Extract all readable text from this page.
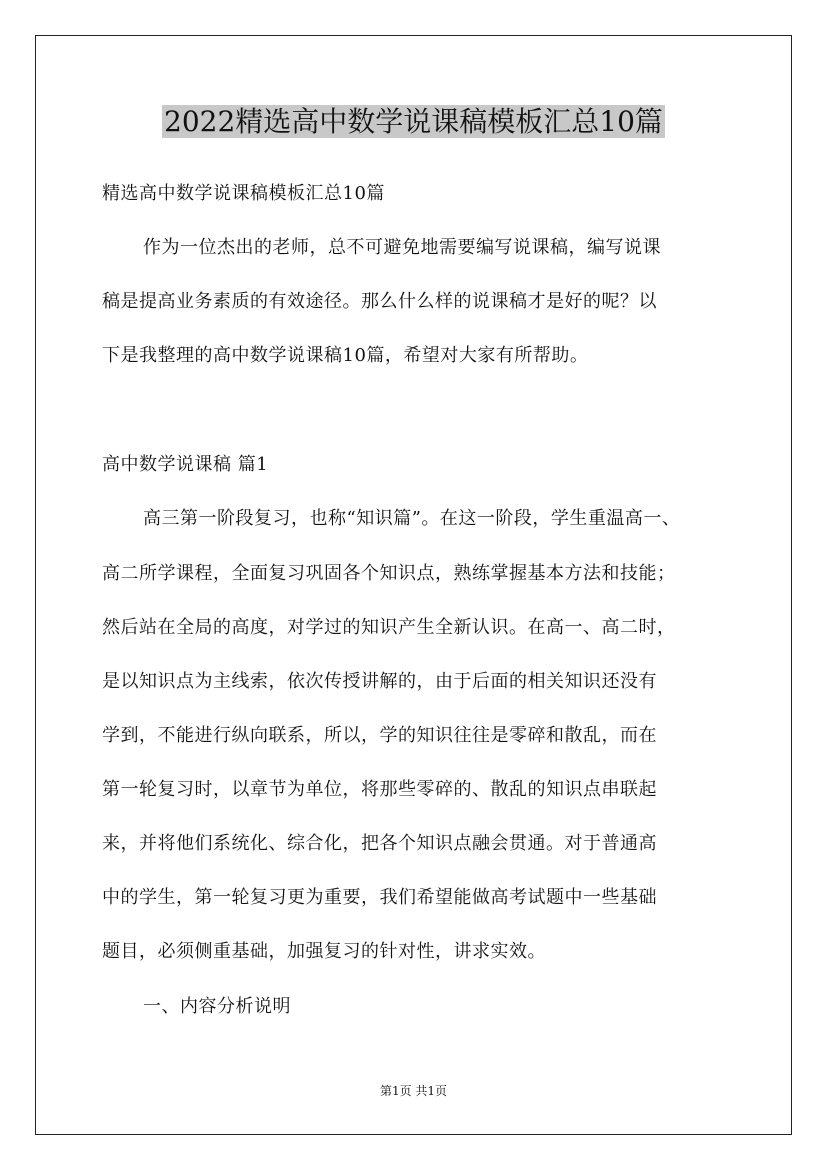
2022精选高中数学说课稿模板汇总10篇

精选高中数学说课稿模板汇总10篇

作为一位杰出的老师，总不可避免地需要编写说课稿，编写说课

稿是提高业务素质的有效途径。那么什么样的说课稿才是好的呢？以

下是我整理的高中数学说课稿10篇，希望对大家有所帮助。

高中数学说课稿 篇1

高三第一阶段复习，也称“知识篇”。在这一阶段，学生重温高一、

高二所学课程，全面复习巩固各个知识点，熟练掌握基本方法和技能；

然后站在全局的高度，对学过的知识产生全新认识。在高一、高二时，

是以知识点为主线索，依次传授讲解的，由于后面的相关知识还没有

学到，不能进行纵向联系，所以，学的知识往往是零碎和散乱，而在

第一轮复习时，以章节为单位，将那些零碎的、散乱的知识点串联起

来，并将他们系统化、综合化，把各个知识点融会贯通。对于普通高

中的学生，第一轮复习更为重要，我们希望能做高考试题中一些基础

题目，必须侧重基础，加强复习的针对性，讲求实效。

一、内容分析说明

第1页 共1页
